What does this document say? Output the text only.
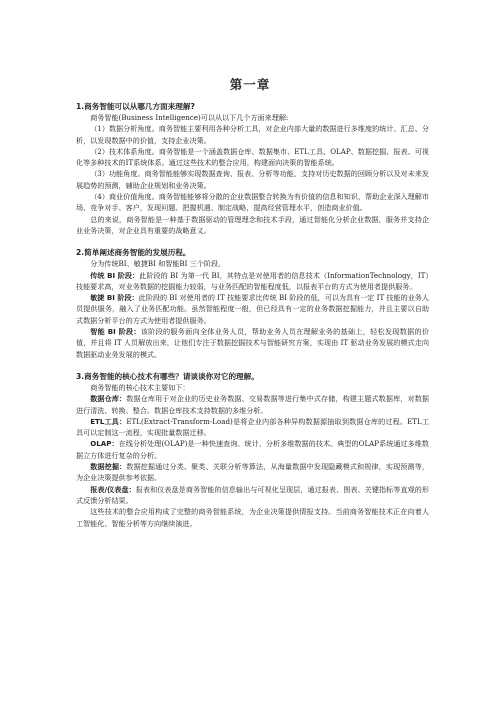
第一章

1.商务智能可以从哪几方面来理解?

商务智能(Business Intelligence)可以从以下几个方面来理解:

（1）数据分析角度。商务智能主要利用各种分析工具，对企业内部大量的数据进行多维度的统计、汇总、分析，以发现数据中的价值，支持企业决策。

（2）技术体系角度。商务智能是一个涵盖数据仓库、数据集市、ETL工具、OLAP、数据挖掘、报表、可视化等多种技术的IT系统体系。通过这些技术的整合应用，构建面向决策的智能系统。

（3）功能角度。商务智能能够实现数据查询、报表、分析等功能，支持对历史数据的回顾分析以及对未来发展趋势的预测，辅助企业规划和业务决策。

（4）商业价值角度。商务智能能够将分散的企业数据整合转换为有价值的信息和知识，帮助企业深入理解市场、竞争对手、客户，发现问题、把握机遇、制定战略，提高经营管理水平，创造商业价值。

总的来说，商务智能是一种基于数据驱动的管理理念和技术手段，通过智能化分析企业数据，服务并支持企业业务决策，对企业具有重要的战略意义。

2.简单阐述商务智能的发展历程。

分为传统BI、敏捷BI 和智能BI 三个阶段。

传统 BI 阶段：此阶段的 BI 为第一代 BI，其特点是对使用者的信息技术（InformationTechnology，IT）技能要求高，对业务数据的挖掘能力较弱，与业务匹配的智能程度低，以报表平台的方式为使用者提供服务。

敏捷 BI 阶段：此阶段的 BI 对使用者的 IT 技能要求比传统 BI 阶段的低，可以为具有一定 IT 技能的业务人员提供服务，融入了业务匹配功能。虽然智能程度一般，但已经具有一定的业务数据挖掘能力，并且主要以自助式数据分析平台的方式为使用者提供服务。

智能 BI 阶段：该阶段的服务面向全体业务人员，帮助业务人员在理解业务的基础上，轻松发现数据的价值，并且将 IT 人员解放出来，让他们专注于数据挖掘技术与智能研究方案，实现由 IT 驱动业务发展的模式走向数据驱动业务发展的模式。

3.商务智能的核心技术有哪些？请谈谈你对它的理解。

商务智能的核心技术主要如下：

数据仓库：数据仓库用于对企业的历史业务数据、交易数据等进行集中式存储，构建主题式数据库，对数据进行清洗、转换、整合。数据仓库技术支持数据的多维分析。

ETL工具：ETL(Extract-Transform-Load)是将企业内部各种异构数据源抽取到数据仓库的过程。ETL工具可以定制这一流程，实现批量数据迁移。

OLAP：在线分析处理(OLAP)是一种快速查询、统计、分析多维数据的技术。典型的OLAP系统通过多维数据立方体进行复杂的分析。

数据挖掘：数据挖掘通过分类、聚类、关联分析等算法，从海量数据中发现隐藏模式和规律，实现预测等，为企业决策提供参考依据。

报表/仪表盘：报表和仪表盘是商务智能的信息输出与可视化呈现层，通过报表、图表、关键指标等直观的形式反馈分析结果。

这些技术的整合应用构成了完整的商务智能系统，为企业决策提供情报支持。当前商务智能技术正在向着人工智能化、智能分析等方向继续演进。
